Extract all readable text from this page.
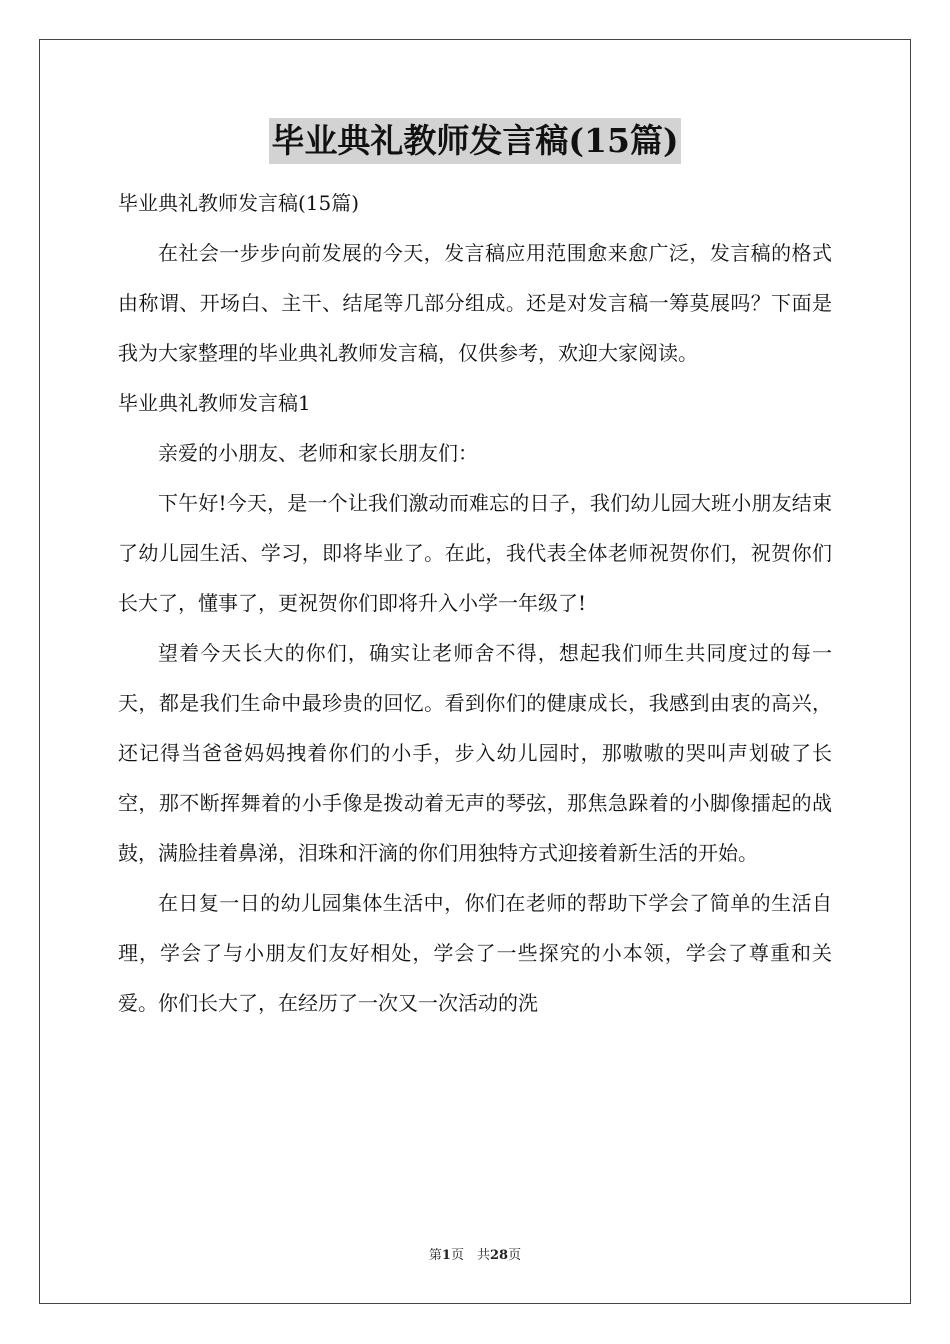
毕业典礼教师发言稿(15篇)

毕业典礼教师发言稿(15篇)

在社会一步步向前发展的今天，发言稿应用范围愈来愈广泛，发言稿的格式由称谓、开场白、主干、结尾等几部分组成。还是对发言稿一筹莫展吗？下面是我为大家整理的毕业典礼教师发言稿，仅供参考，欢迎大家阅读。

毕业典礼教师发言稿1

亲爱的小朋友、老师和家长朋友们：

下午好!今天，是一个让我们激动而难忘的日子，我们幼儿园大班小朋友结束了幼儿园生活、学习，即将毕业了。在此，我代表全体老师祝贺你们，祝贺你们长大了，懂事了，更祝贺你们即将升入小学一年级了!

望着今天长大的你们，确实让老师舍不得，想起我们师生共同度过的每一天，都是我们生命中最珍贵的回忆。看到你们的健康成长，我感到由衷的高兴，还记得当爸爸妈妈拽着你们的小手，步入幼儿园时，那嗷嗷的哭叫声划破了长空，那不断挥舞着的小手像是拨动着无声的琴弦，那焦急跺着的小脚像擂起的战鼓，满脸挂着鼻涕，泪珠和汗滴的你们用独特方式迎接着新生活的开始。

在日复一日的幼儿园集体生活中，你们在老师的帮助下学会了简单的生活自理，学会了与小朋友们友好相处，学会了一些探究的小本领，学会了尊重和关爱。你们长大了，在经历了一次又一次活动的洗

第1页　共28页
